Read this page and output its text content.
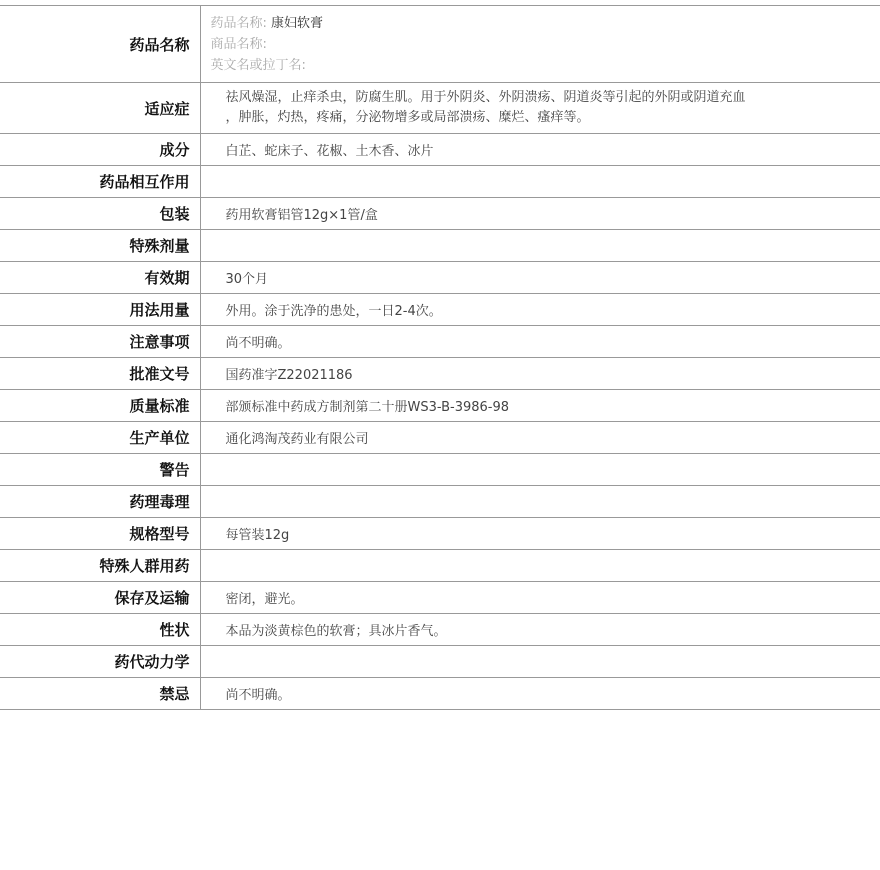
药品名称	药品名称: 康妇软膏
商品名称:
英文名或拉丁名:

适应症	祛风燥湿，止痒杀虫，防腐生肌。用于外阴炎、外阴溃疡、阴道炎等引起的外阴或阴道充血
，肿胀，灼热，疼痛，分泌物增多或局部溃疡、糜烂、瘙痒等。

成分	白芷、蛇床子、花椒、土木香、冰片
药品相互作用	
包装	药用软膏铝管12g×1管/盒
特殊剂量	
有效期	30个月
用法用量	外用。涂于洗净的患处，一日2-4次。
注意事项	尚不明确。
批准文号	国药准字Z22021186
质量标准	部颁标准中药成方制剂第二十册WS3-B-3986-98
生产单位	通化鸿淘茂药业有限公司
警告	
药理毒理	
规格型号	每管装12g
特殊人群用药	
保存及运输	密闭，避光。
性状	本品为淡黄棕色的软膏；具冰片香气。
药代动力学	
禁忌	尚不明确。
